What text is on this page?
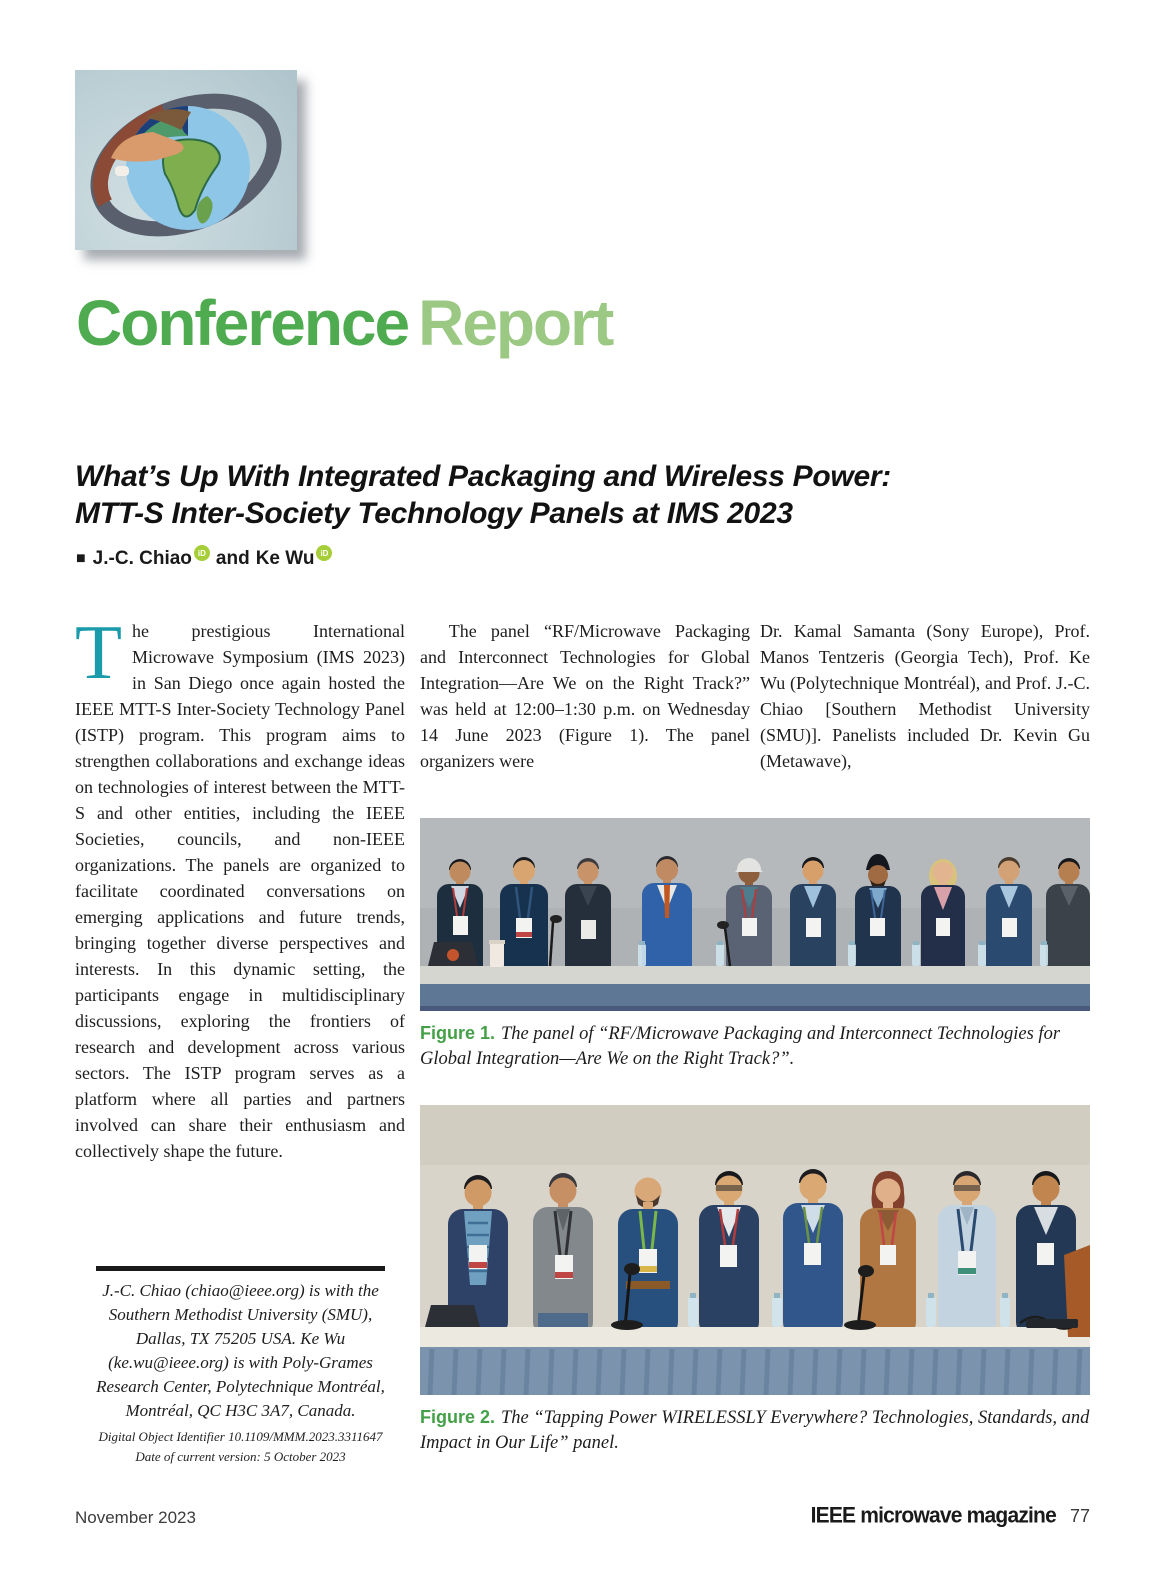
Conference Report
What’s Up With Integrated Packaging and Wireless Power:
MTT-S Inter-Society Technology Panels at IMS 2023
■ J.-C. Chiao iD and Ke Wu iD

The prestigious International Microwave Symposium (IMS 2023) in San Diego once again hosted the IEEE MTT-S Inter-Society Technology Panel (ISTP) program. This program aims to strengthen collaborations and exchange ideas on technologies of interest between the MTT-S and other entities, including the IEEE Societies, councils, and non-IEEE organizations. The panels are organized to facilitate coordinated conversations on emerging applications and future trends, bringing together diverse perspectives and interests. In this dynamic setting, the participants engage in multidisciplinary discussions, exploring the frontiers of research and development across various sectors. The ISTP program serves as a platform where all parties and partners involved can share their enthusiasm and collectively shape the future.

The panel “RF/Microwave Packaging and Interconnect Technologies for Global Integration—Are We on the Right Track?” was held at 12:00–1:30 p.m. on Wednesday 14 June 2023 (Figure 1). The panel organizers were

Dr. Kamal Samanta (Sony Europe), Prof. Manos Tentzeris (Georgia Tech), Prof. Ke Wu (Polytechnique Montréal), and Prof. J.-C. Chiao [Southern Methodist University (SMU)]. Panelists included Dr. Kevin Gu (Metawave),

J.-C. Chiao (chiao@ieee.org) is with the Southern Methodist University (SMU), Dallas, TX 75205 USA. Ke Wu (ke.wu@ieee.org) is with Poly-Grames Research Center, Polytechnique Montréal, Montréal, QC H3C 3A7, Canada.
Digital Object Identifier 10.1109/MMM.2023.3311647
Date of current version: 5 October 2023
Figure 1. The panel of “RF/Microwave Packaging and Interconnect Technologies for Global Integration—Are We on the Right Track?”.
Figure 2. The “Tapping Power WIRELESSLY Everywhere? Technologies, Standards, and Impact in Our Life” panel.
November 2023	IEEE microwave magazine 77
